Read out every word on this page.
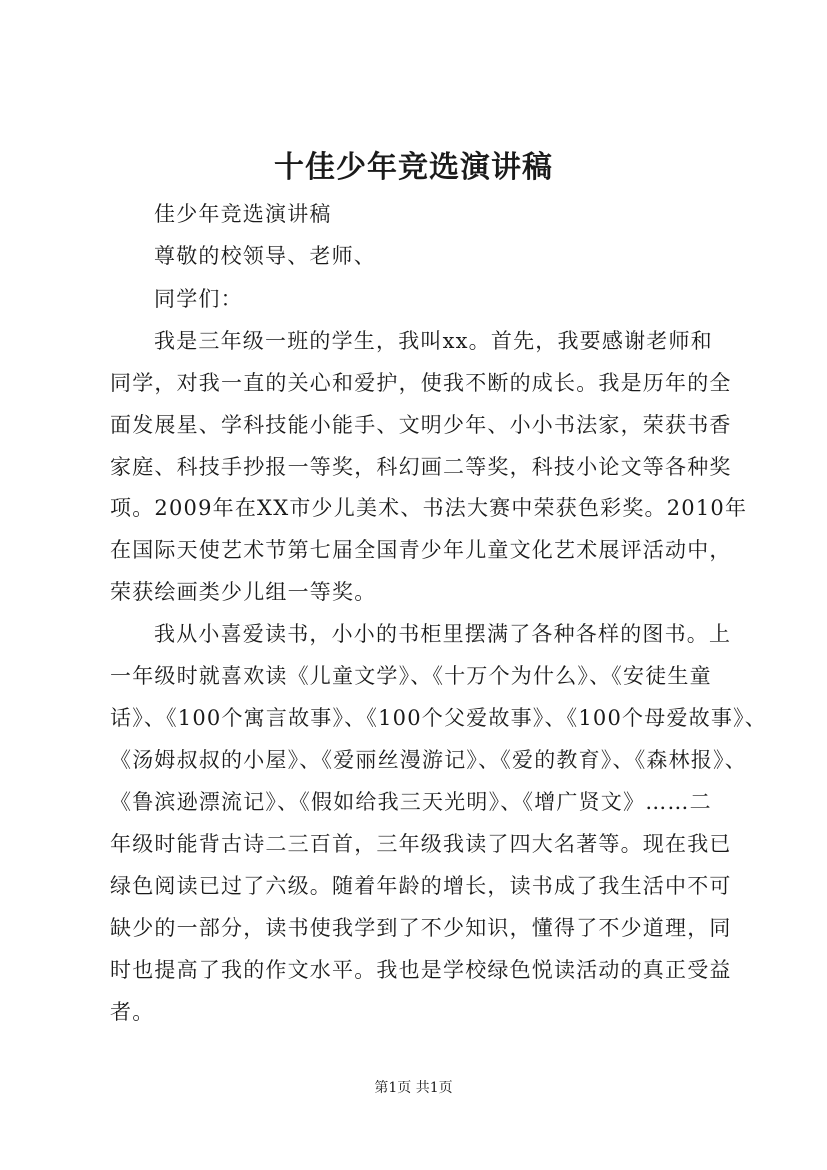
十佳少年竞选演讲稿
佳少年竞选演讲稿
尊敬的校领导、老师、
同学们：
我是三年级一班的学生，我叫xx。首先，我要感谢老师和
同学，对我一直的关心和爱护，使我不断的成长。我是历年的全
面发展星、学科技能小能手、文明少年、小小书法家，荣获书香
家庭、科技手抄报一等奖，科幻画二等奖，科技小论文等各种奖
项。2009年在XX市少儿美术、书法大赛中荣获色彩奖。2010年
在国际天使艺术节第七届全国青少年儿童文化艺术展评活动中，
荣获绘画类少儿组一等奖。
我从小喜爱读书，小小的书柜里摆满了各种各样的图书。上
一年级时就喜欢读《儿童文学》、《十万个为什么》、《安徒生童
话》、《100个寓言故事》、《100个父爱故事》、《100个母爱故事》、
《汤姆叔叔的小屋》、《爱丽丝漫游记》、《爱的教育》、《森林报》、
《鲁滨逊漂流记》、《假如给我三天光明》、《增广贤文》……二
年级时能背古诗二三百首，三年级我读了四大名著等。现在我已
绿色阅读已过了六级。随着年龄的增长，读书成了我生活中不可
缺少的一部分，读书使我学到了不少知识，懂得了不少道理，同
时也提高了我的作文水平。我也是学校绿色悦读活动的真正受益
者。
第1页 共1页
